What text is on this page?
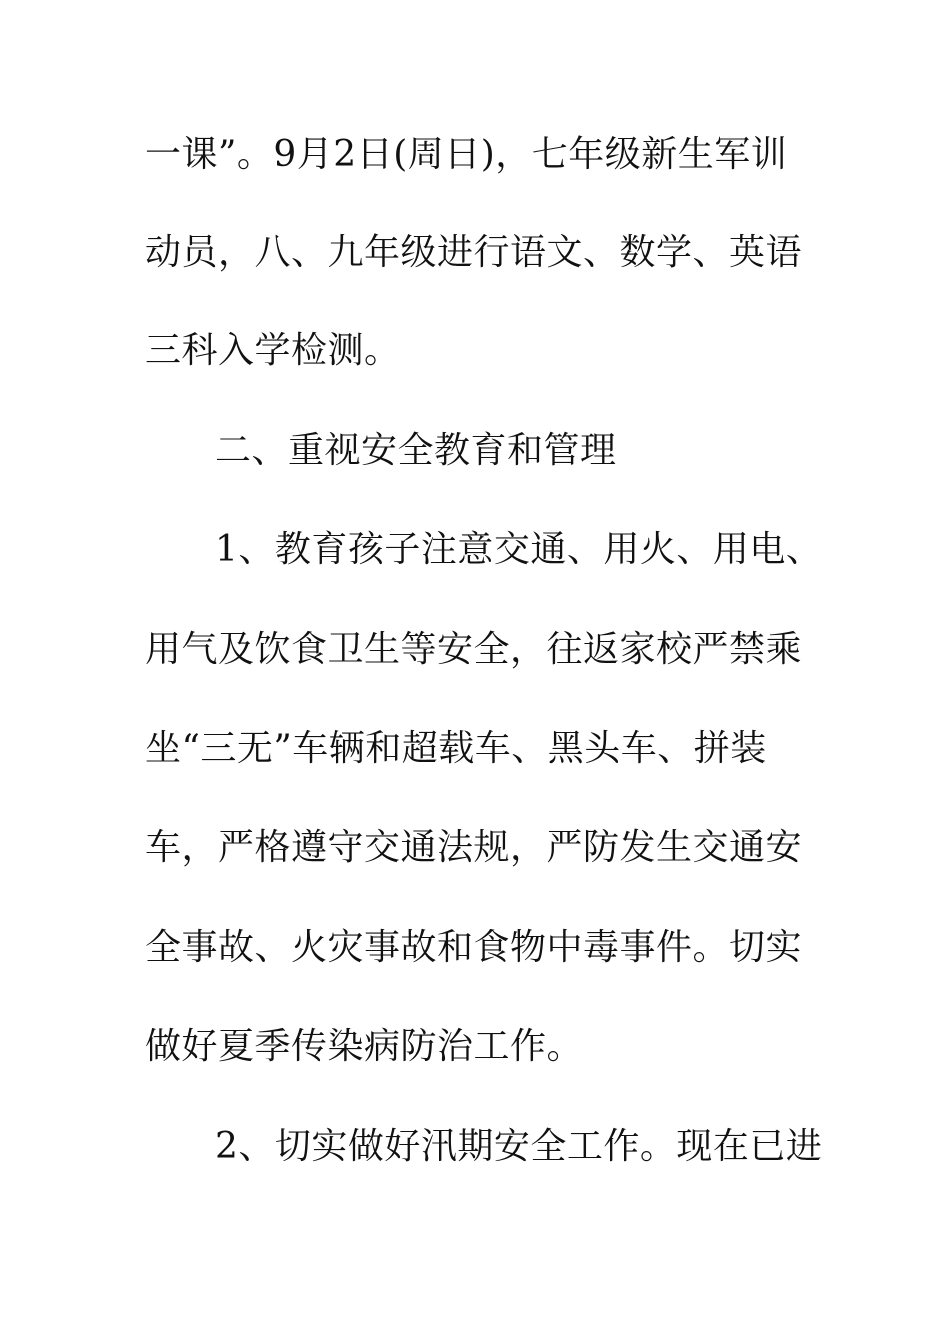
一课”。9月2日(周日)，七年级新生军训
动员，八、九年级进行语文、数学、英语
三科入学检测。
二、重视安全教育和管理
1、教育孩子注意交通、用火、用电、
用气及饮食卫生等安全，往返家校严禁乘
坐“三无”车辆和超载车、黑头车、拼装
车，严格遵守交通法规，严防发生交通安
全事故、火灾事故和食物中毒事件。切实
做好夏季传染病防治工作。
2、切实做好汛期安全工作。现在已进
